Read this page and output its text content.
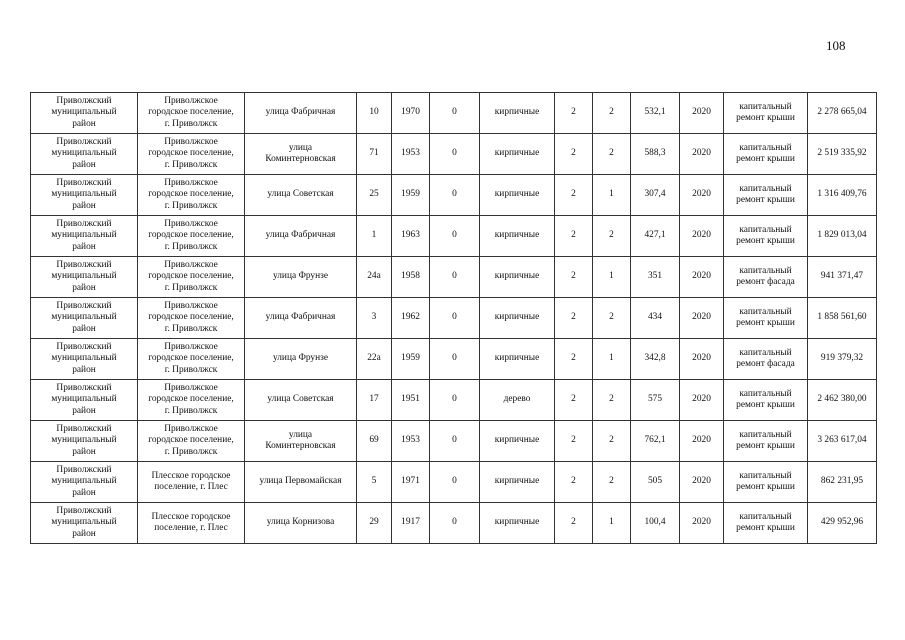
108
Приволжский
муниципальный
район	Приволжское
городское поселение,
г. Приволжск	улица Фабричная	10	1970	0	кирпичные	2	2	532,1	2020	капитальный
ремонт крыши	2 278 665,04
Приволжский
муниципальный
район	Приволжское
городское поселение,
г. Приволжск	улица
Коминтерновская	71	1953	0	кирпичные	2	2	588,3	2020	капитальный
ремонт крыши	2 519 335,92
Приволжский
муниципальный
район	Приволжское
городское поселение,
г. Приволжск	улица Советская	25	1959	0	кирпичные	2	1	307,4	2020	капитальный
ремонт крыши	1 316 409,76
Приволжский
муниципальный
район	Приволжское
городское поселение,
г. Приволжск	улица Фабричная	1	1963	0	кирпичные	2	2	427,1	2020	капитальный
ремонт крыши	1 829 013,04
Приволжский
муниципальный
район	Приволжское
городское поселение,
г. Приволжск	улица Фрунзе	24а	1958	0	кирпичные	2	1	351	2020	капитальный
ремонт фасада	941 371,47
Приволжский
муниципальный
район	Приволжское
городское поселение,
г. Приволжск	улица Фабричная	3	1962	0	кирпичные	2	2	434	2020	капитальный
ремонт крыши	1 858 561,60
Приволжский
муниципальный
район	Приволжское
городское поселение,
г. Приволжск	улица Фрунзе	22а	1959	0	кирпичные	2	1	342,8	2020	капитальный
ремонт фасада	919 379,32
Приволжский
муниципальный
район	Приволжское
городское поселение,
г. Приволжск	улица Советская	17	1951	0	дерево	2	2	575	2020	капитальный
ремонт крыши	2 462 380,00
Приволжский
муниципальный
район	Приволжское
городское поселение,
г. Приволжск	улица
Коминтерновская	69	1953	0	кирпичные	2	2	762,1	2020	капитальный
ремонт крыши	3 263 617,04
Приволжский
муниципальный
район	Плесское городское
поселение, г. Плес	улица Первомайская	5	1971	0	кирпичные	2	2	505	2020	капитальный
ремонт крыши	862 231,95
Приволжский
муниципальный
район	Плесское городское
поселение, г. Плес	улица Корнизова	29	1917	0	кирпичные	2	1	100,4	2020	капитальный
ремонт крыши	429 952,96
